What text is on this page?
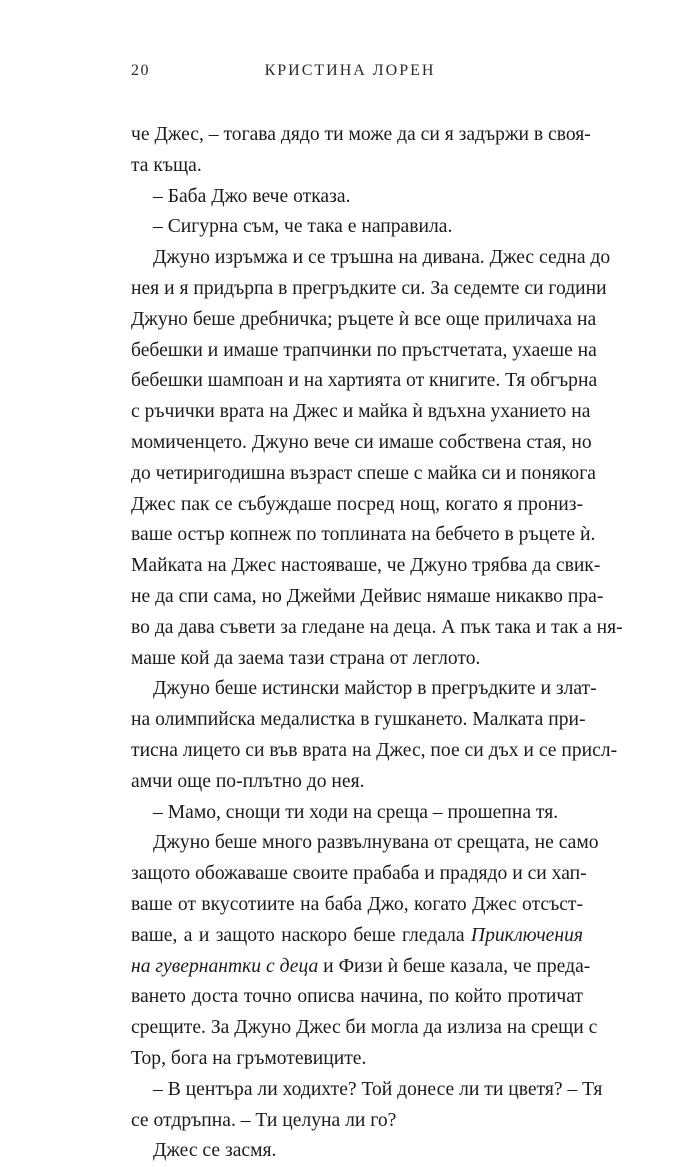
20	КРИСТИНА ЛОРЕН
че Джес, – тогава дядо ти може да си я задържи в своя-
та къща.
– Баба Джо вече отказа.
– Сигурна съм, че така е направила.
Джуно изръмжа и се тръшна на дивана. Джес седна до
нея и я придърпа в прегръдките си. За седемте си години
Джуно беше дребничка; ръцете ѝ все още приличаха на
бебешки и имаше трапчинки по пръстчетата, ухаеше на
бебешки шампоан и на хартията от книгите. Тя обгърна
с ръчички врата на Джес и майка ѝ вдъхна уханието на
момиченцето. Джуно вече си имаше собствена стая, но
до четиригодишна възраст спеше с майка си и понякога
Джес пак се събуждаше посред нощ, когато я прониз-
ваше остър копнеж по топлината на бебчето в ръцете ѝ.
Майката на Джес настояваше, че Джуно трябва да свик-
не да спи сама, но Джейми Дейвис нямаше никакво пра-
во да дава съвети за гледане на деца. А пък така и так а ня-
маше кой да заема тази страна от леглото.
Джуно беше истински майстор в прегръдките и злат-
на олимпийска медалистка в гушкането. Малката при-
тисна лицето си във врата на Джес, пое си дъх и се присл-
амчи още по-плътно до нея.
– Мамо, снощи ти ходи на среща – прошепна тя.
Джуно беше много развълнувана от срещата, не само
защото обожаваше своите прабаба и прадядо и си хап-
ваше от вкусотиите на баба Джо, когато Джес отсъст-
ваше, а и защото наскоро беше гледала Приключения
на гувернантки с деца и Физи ѝ беше казала, че преда-
ването доста точно описва начина, по който протичат
срещите. За Джуно Джес би могла да излиза на срещи с
Тор, бога на гръмотевиците.
– В центъра ли ходихте? Той донесе ли ти цветя? – Тя
се отдръпна. – Ти целуна ли го?
Джес се засмя.
